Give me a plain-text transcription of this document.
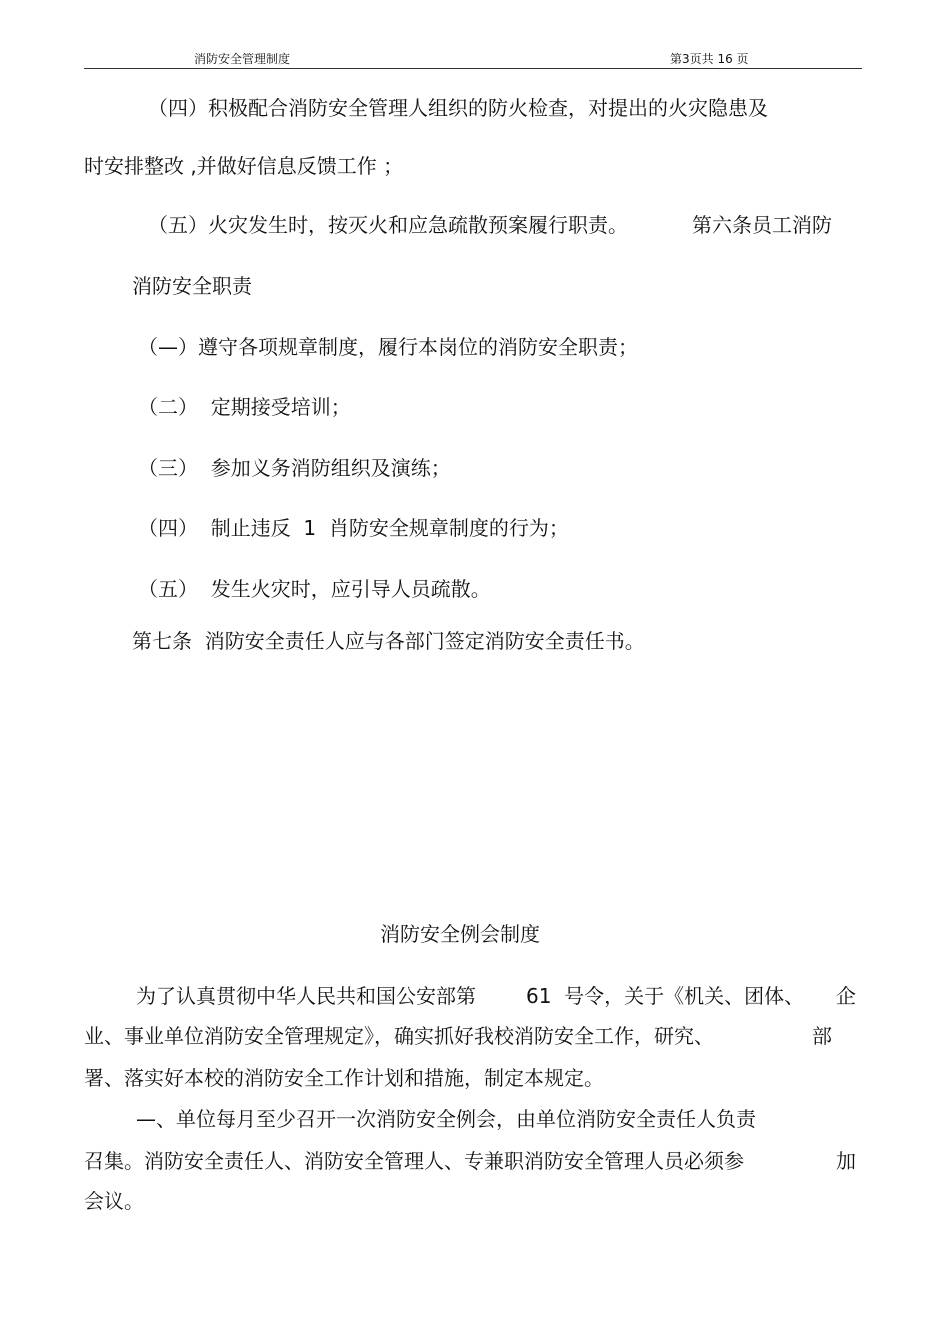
消防安全管理制度	第3页共 16 页
（四）积极配合消防安全管理人组织的防火检查，对提出的火灾隐患及
时安排整改 ,并做好信息反馈工作 ；
（五）火灾发生时，按灭火和应急疏散预案履行职责。	第六条员工消防
消防安全职责
（—）遵守各项规章制度，履行本岗位的消防安全职责；
（二）  定期接受培训；
（三）  参加义务消防组织及演练；
（四）  制止违反  1  肖防安全规章制度的行为；
（五）  发生火灾时，应引导人员疏散。
第七条  消防安全责任人应与各部门签定消防安全责任书。
消防安全例会制度
为了认真贯彻中华人民共和国公安部第	61  号令，关于《机关、团体、 企
业、事业单位消防安全管理规定》，确实抓好我校消防安全工作，研究、	部
署、落实好本校的消防安全工作计划和措施，制定本规定。
—、单位每月至少召开一次消防安全例会，由单位消防安全责任人负责
召集。消防安全责任人、消防安全管理人、专兼职消防安全管理人员必须参	加
会议。
